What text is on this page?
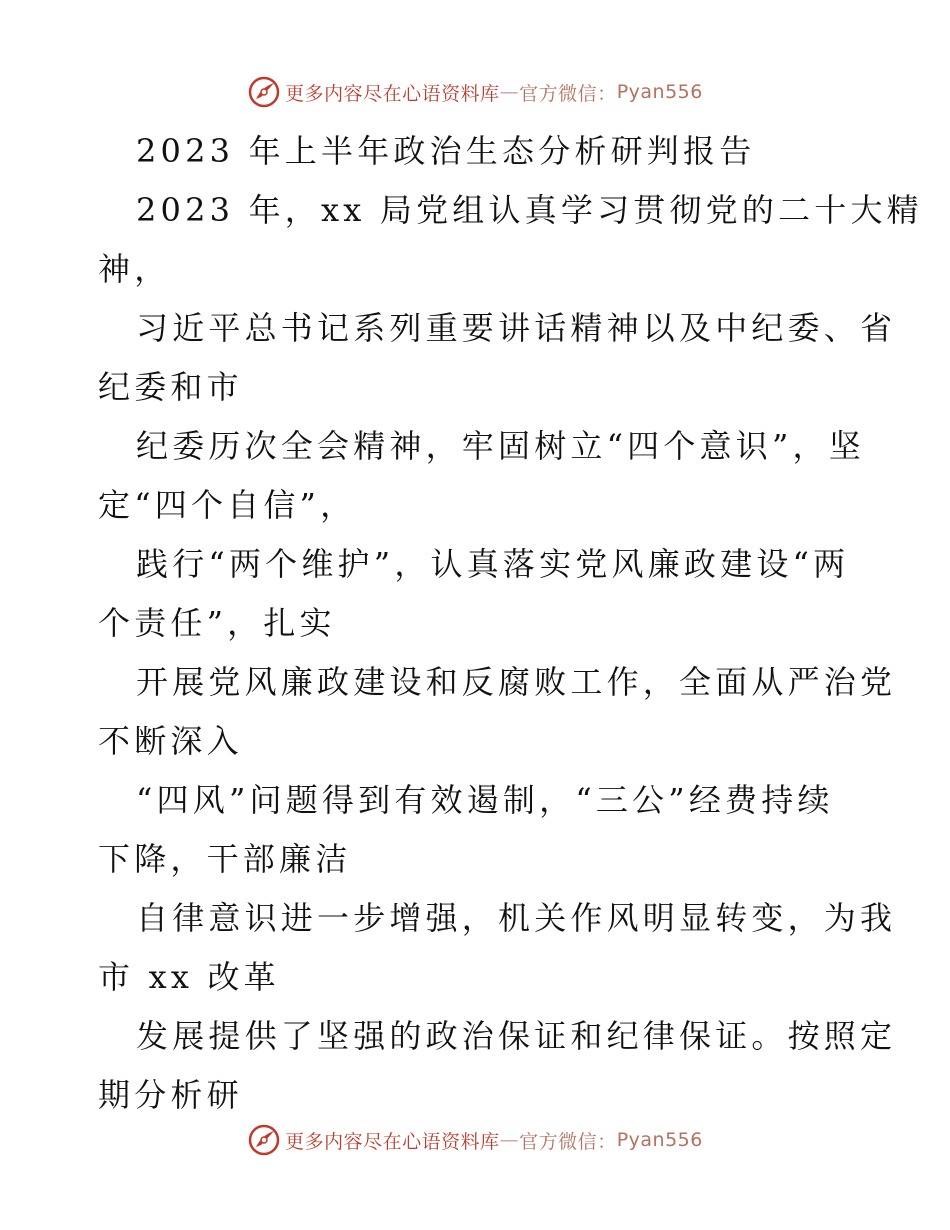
更多内容尽在心语资料库 — 官方微信： Pyan556
2023 年上半年政治生态分析研判报告
2023 年，xx 局党组认真学习贯彻党的二十大精
神，
习近平总书记系列重要讲话精神以及中纪委、省
纪委和市
纪委历次全会精神，牢固树立“四个意识”，坚
定“四个自信”，
践行“两个维护”，认真落实党风廉政建设“两
个责任”，扎实
开展党风廉政建设和反腐败工作，全面从严治党
不断深入
“四风”问题得到有效遏制，“三公”经费持续
下降，干部廉洁
自律意识进一步增强，机关作风明显转变，为我
市 xx 改革
发展提供了坚强的政治保证和纪律保证。按照定
期分析研
更多内容尽在心语资料库 — 官方微信： Pyan556
